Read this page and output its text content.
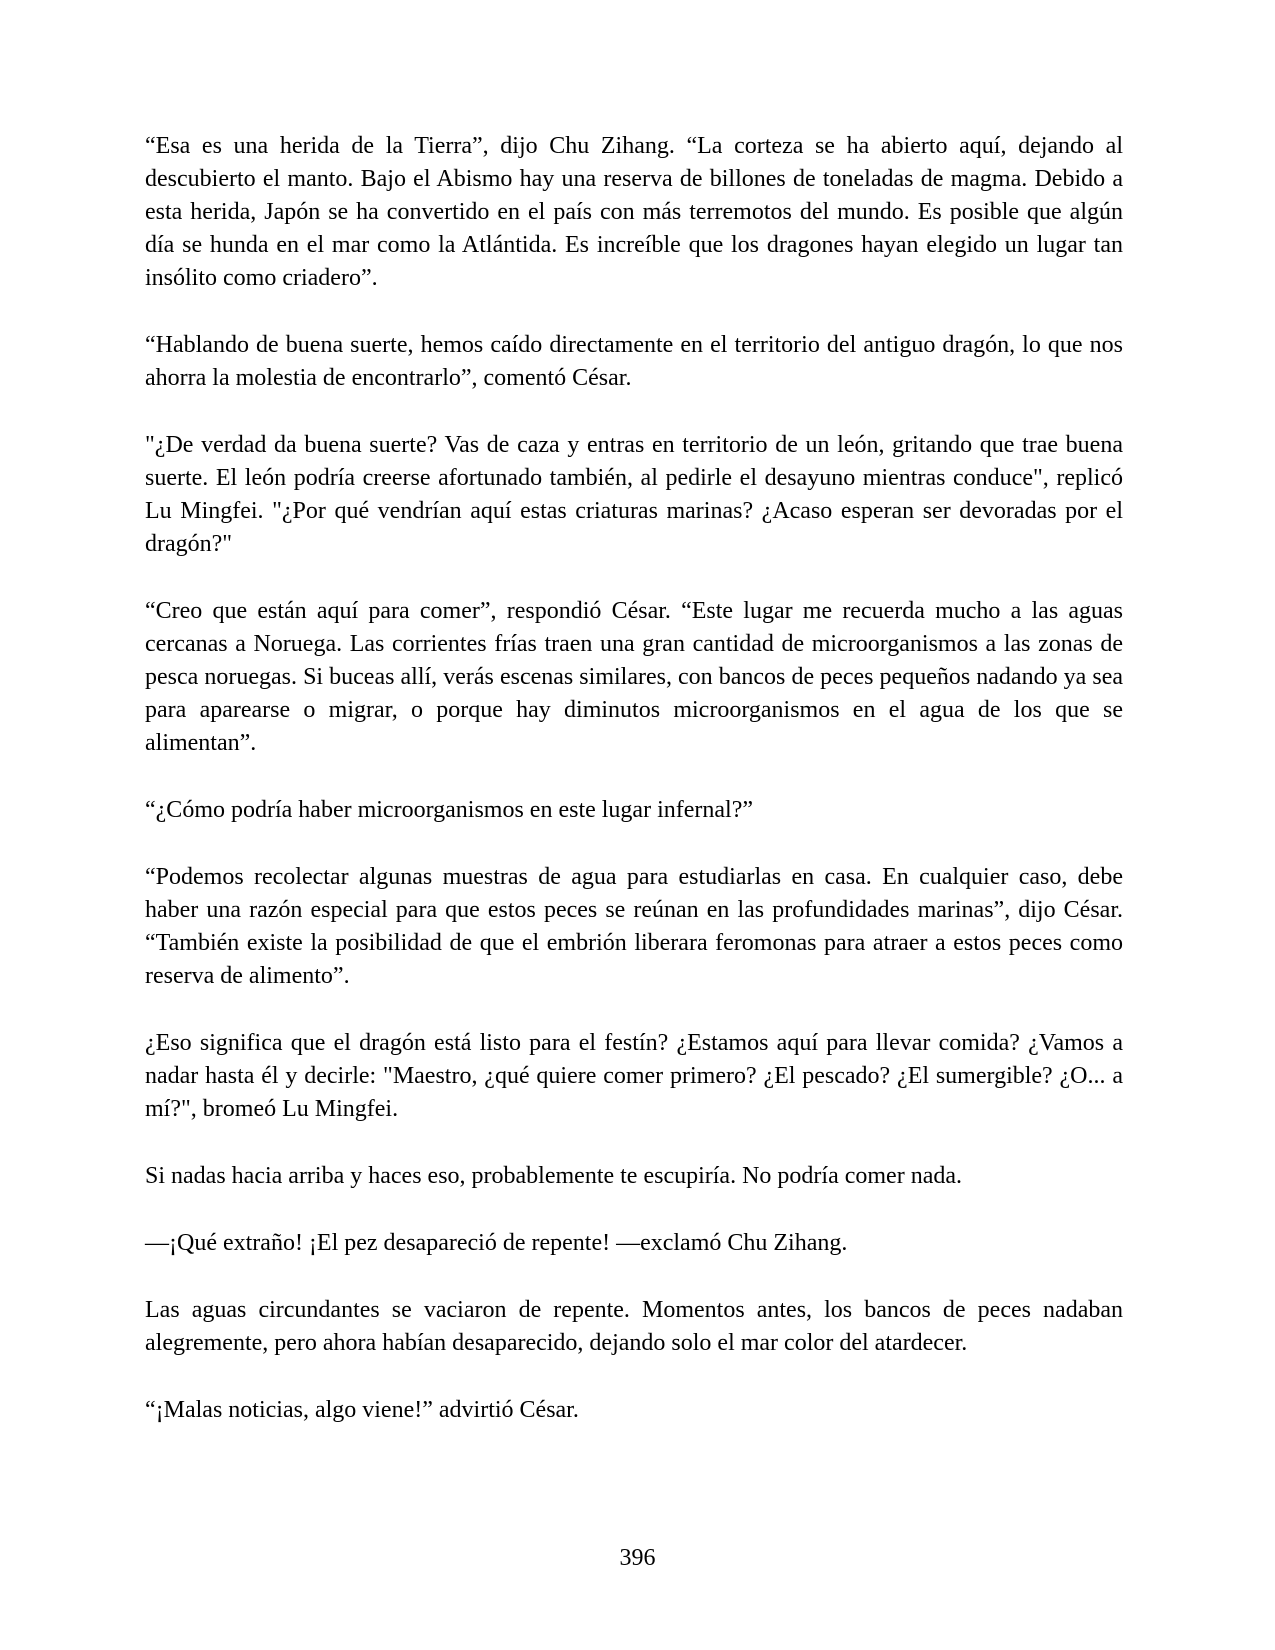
“Esa es una herida de la Tierra”, dijo Chu Zihang. “La corteza se ha abierto aquí, dejando al descubierto el manto. Bajo el Abismo hay una reserva de billones de toneladas de magma. Debido a esta herida, Japón se ha convertido en el país con más terremotos del mundo. Es posible que algún día se hunda en el mar como la Atlántida. Es increíble que los dragones hayan elegido un lugar tan insólito como criadero”.

“Hablando de buena suerte, hemos caído directamente en el territorio del antiguo dragón, lo que nos ahorra la molestia de encontrarlo”, comentó César.

"¿De verdad da buena suerte? Vas de caza y entras en territorio de un león, gritando que trae buena suerte. El león podría creerse afortunado también, al pedirle el desayuno mientras conduce", replicó Lu Mingfei. "¿Por qué vendrían aquí estas criaturas marinas? ¿Acaso esperan ser devoradas por el dragón?"

“Creo que están aquí para comer”, respondió César. “Este lugar me recuerda mucho a las aguas cercanas a Noruega. Las corrientes frías traen una gran cantidad de microorganismos a las zonas de pesca noruegas. Si buceas allí, verás escenas similares, con bancos de peces pequeños nadando ya sea para aparearse o migrar, o porque hay diminutos microorganismos en el agua de los que se alimentan”.

“¿Cómo podría haber microorganismos en este lugar infernal?”

“Podemos recolectar algunas muestras de agua para estudiarlas en casa. En cualquier caso, debe haber una razón especial para que estos peces se reúnan en las profundidades marinas”, dijo César. “También existe la posibilidad de que el embrión liberara feromonas para atraer a estos peces como reserva de alimento”.

¿Eso significa que el dragón está listo para el festín? ¿Estamos aquí para llevar comida? ¿Vamos a nadar hasta él y decirle: "Maestro, ¿qué quiere comer primero? ¿El pescado? ¿El sumergible? ¿O... a mí?", bromeó Lu Mingfei.

Si nadas hacia arriba y haces eso, probablemente te escupiría. No podría comer nada.

—¡Qué extraño! ¡El pez desapareció de repente! —exclamó Chu Zihang.

Las aguas circundantes se vaciaron de repente. Momentos antes, los bancos de peces nadaban alegremente, pero ahora habían desaparecido, dejando solo el mar color del atardecer.

“¡Malas noticias, algo viene!” advirtió César.

396
